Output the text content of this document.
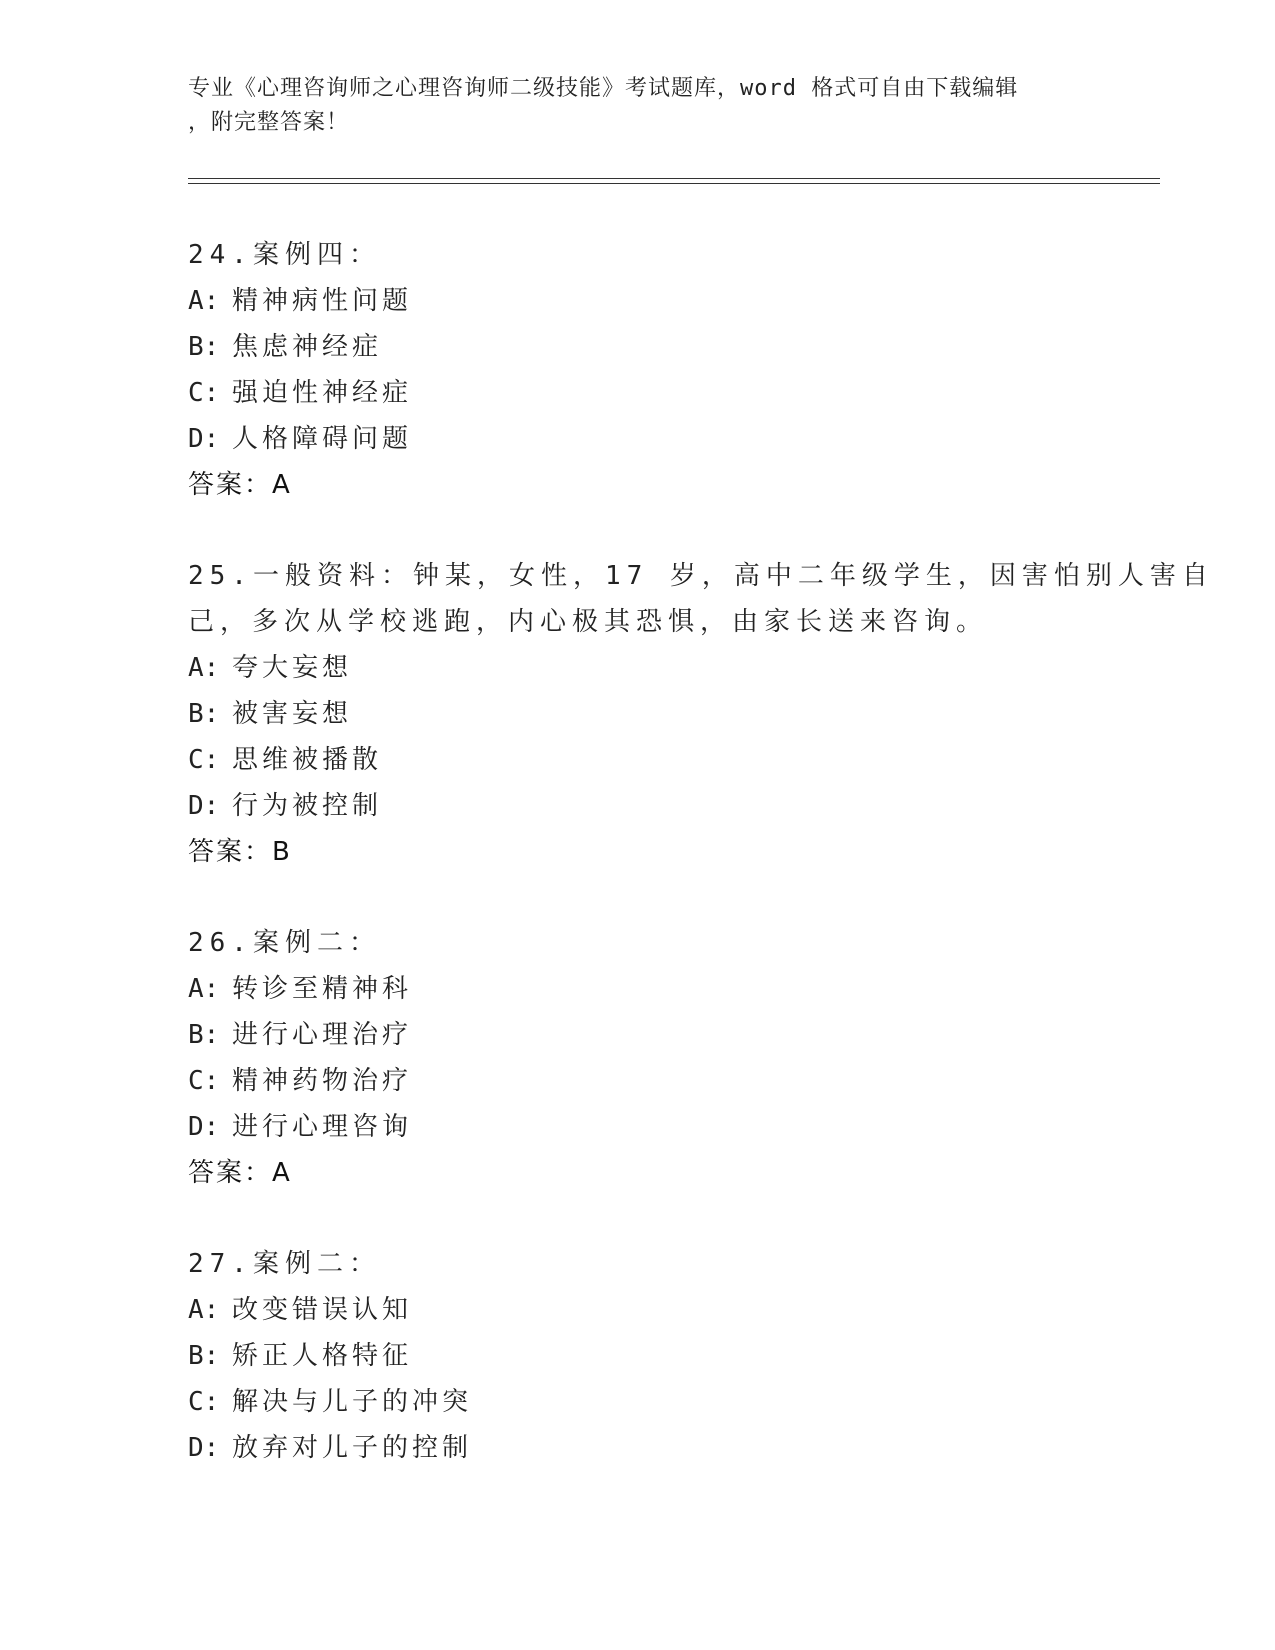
专业《心理咨询师之心理咨询师二级技能》考试题库，word 格式可自由下载编辑
，附完整答案！
24.案例四：
A: 精神病性问题
B: 焦虑神经症
C: 强迫性神经症
D: 人格障碍问题
答案：A
25.一般资料：钟某，女性，17 岁，高中二年级学生，因害怕别人害自
己，多次从学校逃跑，内心极其恐惧，由家长送来咨询。
A: 夸大妄想
B: 被害妄想
C: 思维被播散
D: 行为被控制
答案：B
26.案例二：
A: 转诊至精神科
B: 进行心理治疗
C: 精神药物治疗
D: 进行心理咨询
答案：A
27.案例二：
A: 改变错误认知
B: 矫正人格特征
C: 解决与儿子的冲突
D: 放弃对儿子的控制
